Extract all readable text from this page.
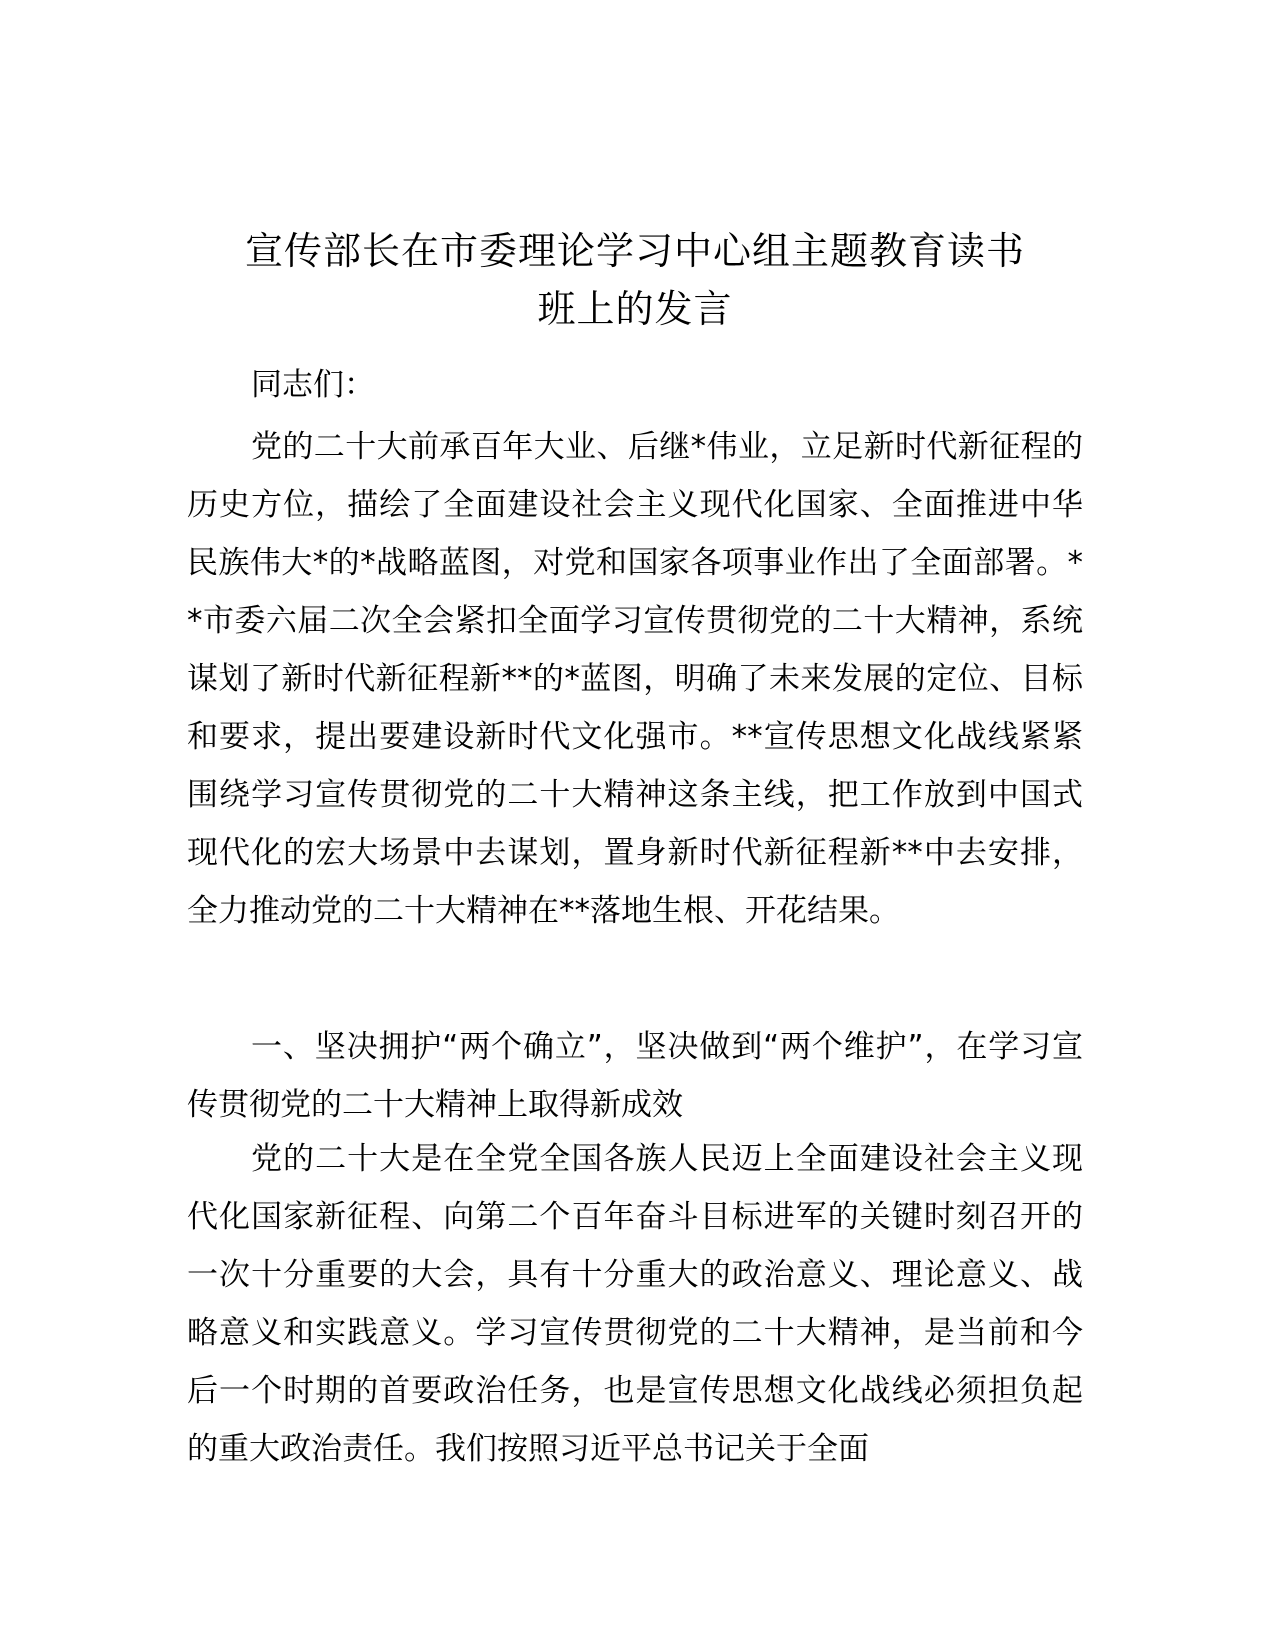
宣传部长在市委理论学习中心组主题教育读书
班上的发言

同志们：

党的二十大前承百年大业、后继*伟业，立足新时代新征程的历史方位，描绘了全面建设社会主义现代化国家、全面推进中华民族伟大*的*战略蓝图，对党和国家各项事业作出了全面部署。**市委六届二次全会紧扣全面学习宣传贯彻党的二十大精神，系统谋划了新时代新征程新**的*蓝图，明确了未来发展的定位、目标和要求，提出要建设新时代文化强市。**宣传思想文化战线紧紧围绕学习宣传贯彻党的二十大精神这条主线，把工作放到中国式现代化的宏大场景中去谋划，置身新时代新征程新**中去安排，全力推动党的二十大精神在**落地生根、开花结果。

一、坚决拥护“两个确立”，坚决做到“两个维护”，在学习宣传贯彻党的二十大精神上取得新成效

党的二十大是在全党全国各族人民迈上全面建设社会主义现代化国家新征程、向第二个百年奋斗目标进军的关键时刻召开的一次十分重要的大会，具有十分重大的政治意义、理论意义、战略意义和实践意义。学习宣传贯彻党的二十大精神，是当前和今后一个时期的首要政治任务，也是宣传思想文化战线必须担负起的重大政治责任。我们按照习近平总书记关于全面
